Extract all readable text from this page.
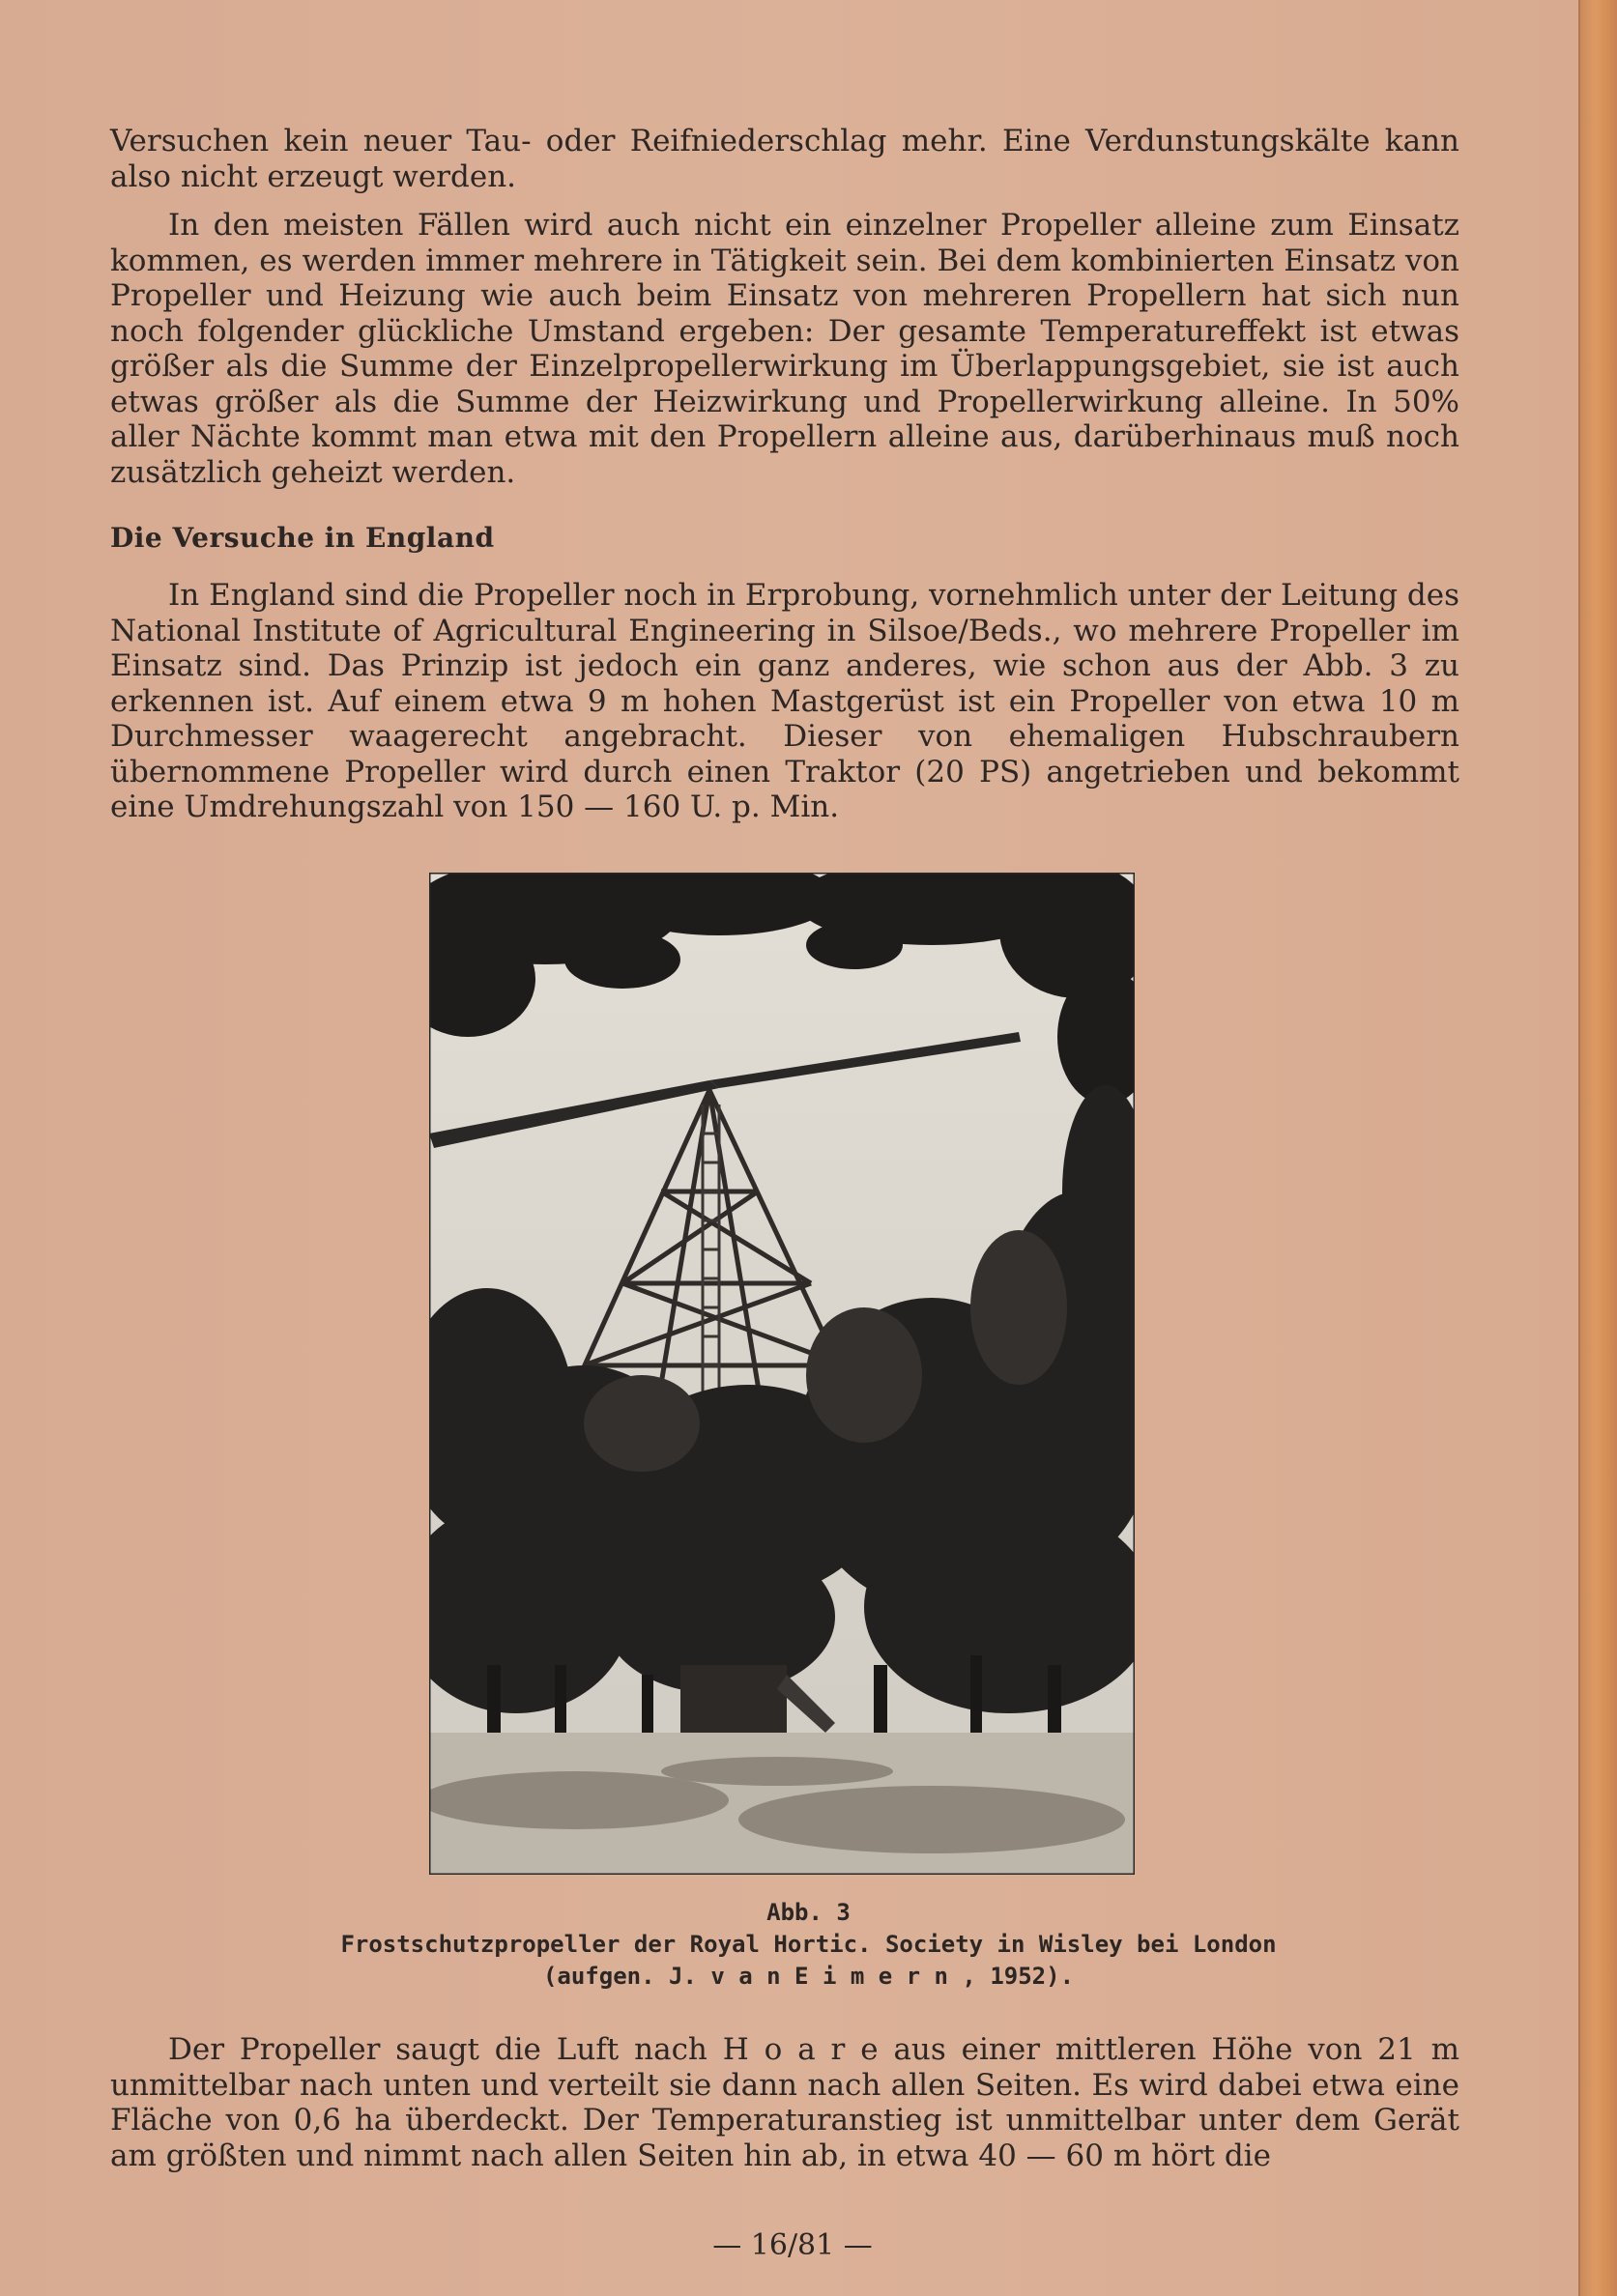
Versuchen kein neuer Tau- oder Reifniederschlag mehr. Eine Verdunstungskälte kann also nicht erzeugt werden.

In den meisten Fällen wird auch nicht ein einzelner Propeller alleine zum Einsatz kommen, es werden immer mehrere in Tätigkeit sein. Bei dem kombinierten Einsatz von Propeller und Heizung wie auch beim Einsatz von mehreren Propellern hat sich nun noch folgender glückliche Umstand ergeben: Der gesamte Temperatureffekt ist etwas größer als die Summe der Einzelpropellerwirkung im Überlappungsgebiet, sie ist auch etwas größer als die Summe der Heizwirkung und Propellerwirkung alleine. In 50% aller Nächte kommt man etwa mit den Propellern alleine aus, darüberhinaus muß noch zusätzlich geheizt werden.

Die Versuche in England

In England sind die Propeller noch in Erprobung, vornehmlich unter der Leitung des National Institute of Agricultural Engineering in Silsoe/Beds., wo mehrere Propeller im Einsatz sind. Das Prinzip ist jedoch ein ganz anderes, wie schon aus der Abb. 3 zu erkennen ist. Auf einem etwa 9 m hohen Mastgerüst ist ein Propeller von etwa 10 m Durchmesser waagerecht angebracht. Dieser von ehemaligen Hubschraubern übernommene Propeller wird durch einen Traktor (20 PS) angetrieben und bekommt eine Umdrehungszahl von 150 — 160 U. p. Min.

Abb. 3
Frostschutzpropeller der Royal Hortic. Society in Wisley bei London
(aufgen. J. v a n E i m e r n , 1952).

Der Propeller saugt die Luft nach H o a r e aus einer mittleren Höhe von 21 m unmittelbar nach unten und verteilt sie dann nach allen Seiten. Es wird dabei etwa eine Fläche von 0,6 ha überdeckt. Der Temperaturanstieg ist unmittelbar unter dem Gerät am größten und nimmt nach allen Seiten hin ab, in etwa 40 — 60 m hört die

— 16/81 —
